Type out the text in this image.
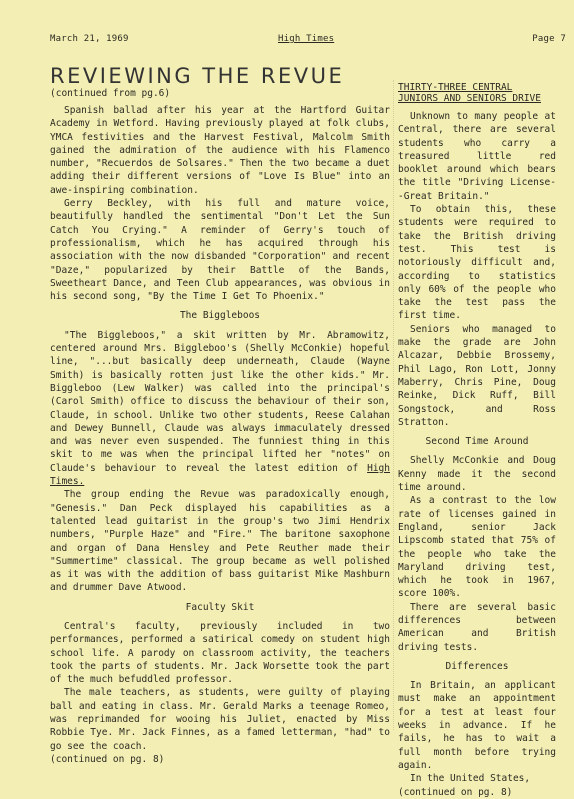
March 21, 1969	High Times	Page 7
REVIEWING THE REVUE
(continued from pg.6)

Spanish ballad after his year at the Hartford Guitar Academy in Wetford. Having previously played at folk clubs, YMCA festivities and the Harvest Festival, Malcolm Smith gained the admiration of the audience with his Flamenco number, "Recuerdos de Solsares." Then the two became a duet adding their different versions of "Love Is Blue" into an awe-inspiring combination.

Gerry Beckley, with his full and mature voice, beautifully handled the sentimental "Don't Let the Sun Catch You Crying." A reminder of Gerry's touch of professionalism, which he has acquired through his association with the now disbanded "Corporation" and recent "Daze," popularized by their Battle of the Bands, Sweetheart Dance, and Teen Club appearances, was obvious in his second song, "By the Time I Get To Phoenix."

The Biggleboos

"The Biggleboos," a skit written by Mr. Abramowitz, centered around Mrs. Biggleboo's (Shelly McConkie) hopeful line, "...but basically deep underneath, Claude (Wayne Smith) is basically rotten just like the other kids." Mr. Biggleboo (Lew Walker) was called into the principal's (Carol Smith) office to discuss the behaviour of their son, Claude, in school. Unlike two other students, Reese Calahan and Dewey Bunnell, Claude was always immaculately dressed and was never even suspended. The funniest thing in this skit to me was when the principal lifted her "notes" on Claude's behaviour to reveal the latest edition of High Times.

The group ending the Revue was paradoxically enough, "Genesis." Dan Peck displayed his capabilities as a talented lead guitarist in the group's two Jimi Hendrix numbers, "Purple Haze" and "Fire." The baritone saxophone and organ of Dana Hensley and Pete Reuther made their "Summertime" classical. The group became as well polished as it was with the addition of bass guitarist Mike Mashburn and drummer Dave Atwood.

Faculty Skit

Central's faculty, previously included in two performances, performed a satirical comedy on student high school life. A parody on classroom activity, the teachers took the parts of students. Mr. Jack Worsette took the part of the much befuddled professor.

The male teachers, as students, were guilty of playing ball and eating in class. Mr. Gerald Marks a teenage Romeo, was reprimanded for wooing his Juliet, enacted by Miss Robbie Tye. Mr. Jack Finnes, as a famed letterman, "had" to go see the coach.

(continued on pg. 8)

THIRTY-THREE CENTRAL JUNIORS AND SENIORS DRIVE

Unknown to many people at Central, there are several students who carry a treasured little red booklet around which bears the title "Driving License--Great Britain."

To obtain this, these students were required to take the British driving test. This test is notoriously difficult and, according to statistics only 60% of the people who take the test pass the first time.

Seniors who managed to make the grade are John Alcazar, Debbie Brossemy, Phil Lago, Ron Lott, Jonny Maberry, Chris Pine, Doug Reinke, Dick Ruff, Bill Songstock, and Ross Stratton.

Second Time Around

Shelly McConkie and Doug Kenny made it the second time around.

As a contrast to the low rate of licenses gained in England, senior Jack Lipscomb stated that 75% of the people who take the Maryland driving test, which he took in 1967, score 100%.

There are several basic differences between American and British driving tests.

Differences

In Britain, an applicant must make an appointment for a test at least four weeks in advance. If he fails, he has to wait a full month before trying again.

In the United States,

(continued on pg. 8)
